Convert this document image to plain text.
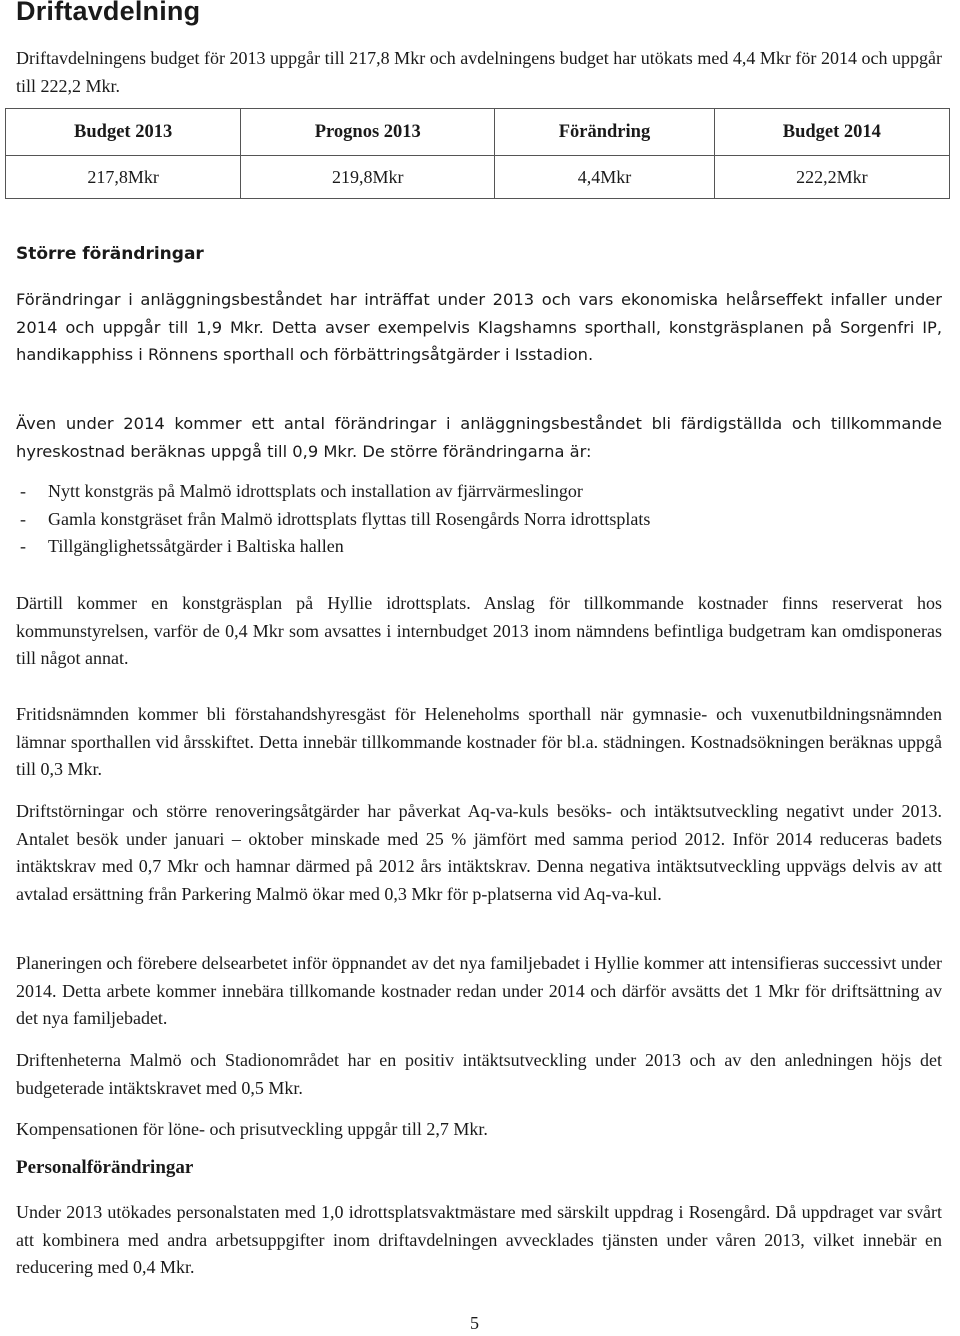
Driftavdelning

Driftavdelningens budget för 2013 uppgår till 217,8 Mkr och avdelningens budget har utökats med 4,4 Mkr för 2014 och uppgår till 222,2 Mkr.

Budget 2013	Prognos 2013	Förändring	Budget 2014
217,8Mkr	219,8Mkr	4,4Mkr	222,2Mkr
Större förändringar

Förändringar i anläggningsbeståndet har inträffat under 2013 och vars ekonomiska helårseffekt infaller under 2014 och uppgår till 1,9 Mkr. Detta avser exempelvis Klagshamns sporthall, konstgräsplanen på Sorgenfri IP, handikapphiss i Rönnens sporthall och förbättringsåtgärder i Isstadion.

Även under 2014 kommer ett antal förändringar i anläggningsbeståndet bli färdigställda och tillkommande hyreskostnad beräknas uppgå till 0,9 Mkr. De större förändringarna är:

- Nytt konstgräs på Malmö idrottsplats och installation av fjärrvärmeslingor
- Gamla konstgräset från Malmö idrottsplats flyttas till Rosengårds Norra idrottsplats
- Tillgänglighetssåtgärder i Baltiska hallen

Därtill kommer en konstgräsplan på Hyllie idrottsplats. Anslag för tillkommande kostnader finns reserverat hos kommunstyrelsen, varför de 0,4 Mkr som avsattes i internbudget 2013 inom nämndens befintliga budgetram kan omdisponeras till något annat.

Fritidsnämnden kommer bli förstahandshyresgäst för Heleneholms sporthall när gymnasie- och vuxenutbildningsnämnden lämnar sporthallen vid årsskiftet. Detta innebär tillkommande kostnader för bl.a. städningen. Kostnadsökningen beräknas uppgå till 0,3 Mkr.

Driftstörningar och större renoveringsåtgärder har påverkat Aq-va-kuls besöks- och intäktsutveckling negativt under 2013. Antalet besök under januari – oktober minskade med 25 % jämfört med samma period 2012. Inför 2014 reduceras badets intäktskrav med 0,7 Mkr och hamnar därmed på 2012 års intäktskrav. Denna negativa intäktsutveckling uppvägs delvis av att avtalad ersättning från Parkering Malmö ökar med 0,3 Mkr för p-platserna vid Aq-va-kul.

Planeringen och förebere delsearbetet inför öppnandet av det nya familjebadet i Hyllie kommer att intensifieras successivt under 2014. Detta arbete kommer innebära tillkomande kostnader redan under 2014 och därför avsätts det 1 Mkr för driftsättning av det nya familjebadet.

Driftenheterna Malmö och Stadionområdet har en positiv intäktsutveckling under 2013 och av den anledningen höjs det budgeterade intäktskravet med 0,5 Mkr.

Kompensationen för löne- och prisutveckling uppgår till 2,7 Mkr.

Personalförändringar

Under 2013 utökades personalstaten med 1,0 idrottsplatsvaktmästare med särskilt uppdrag i Rosengård. Då uppdraget var svårt att kombinera med andra arbetsuppgifter inom driftavdelningen avvecklades tjänsten under våren 2013, vilket innebär en reducering med 0,4 Mkr.

5
